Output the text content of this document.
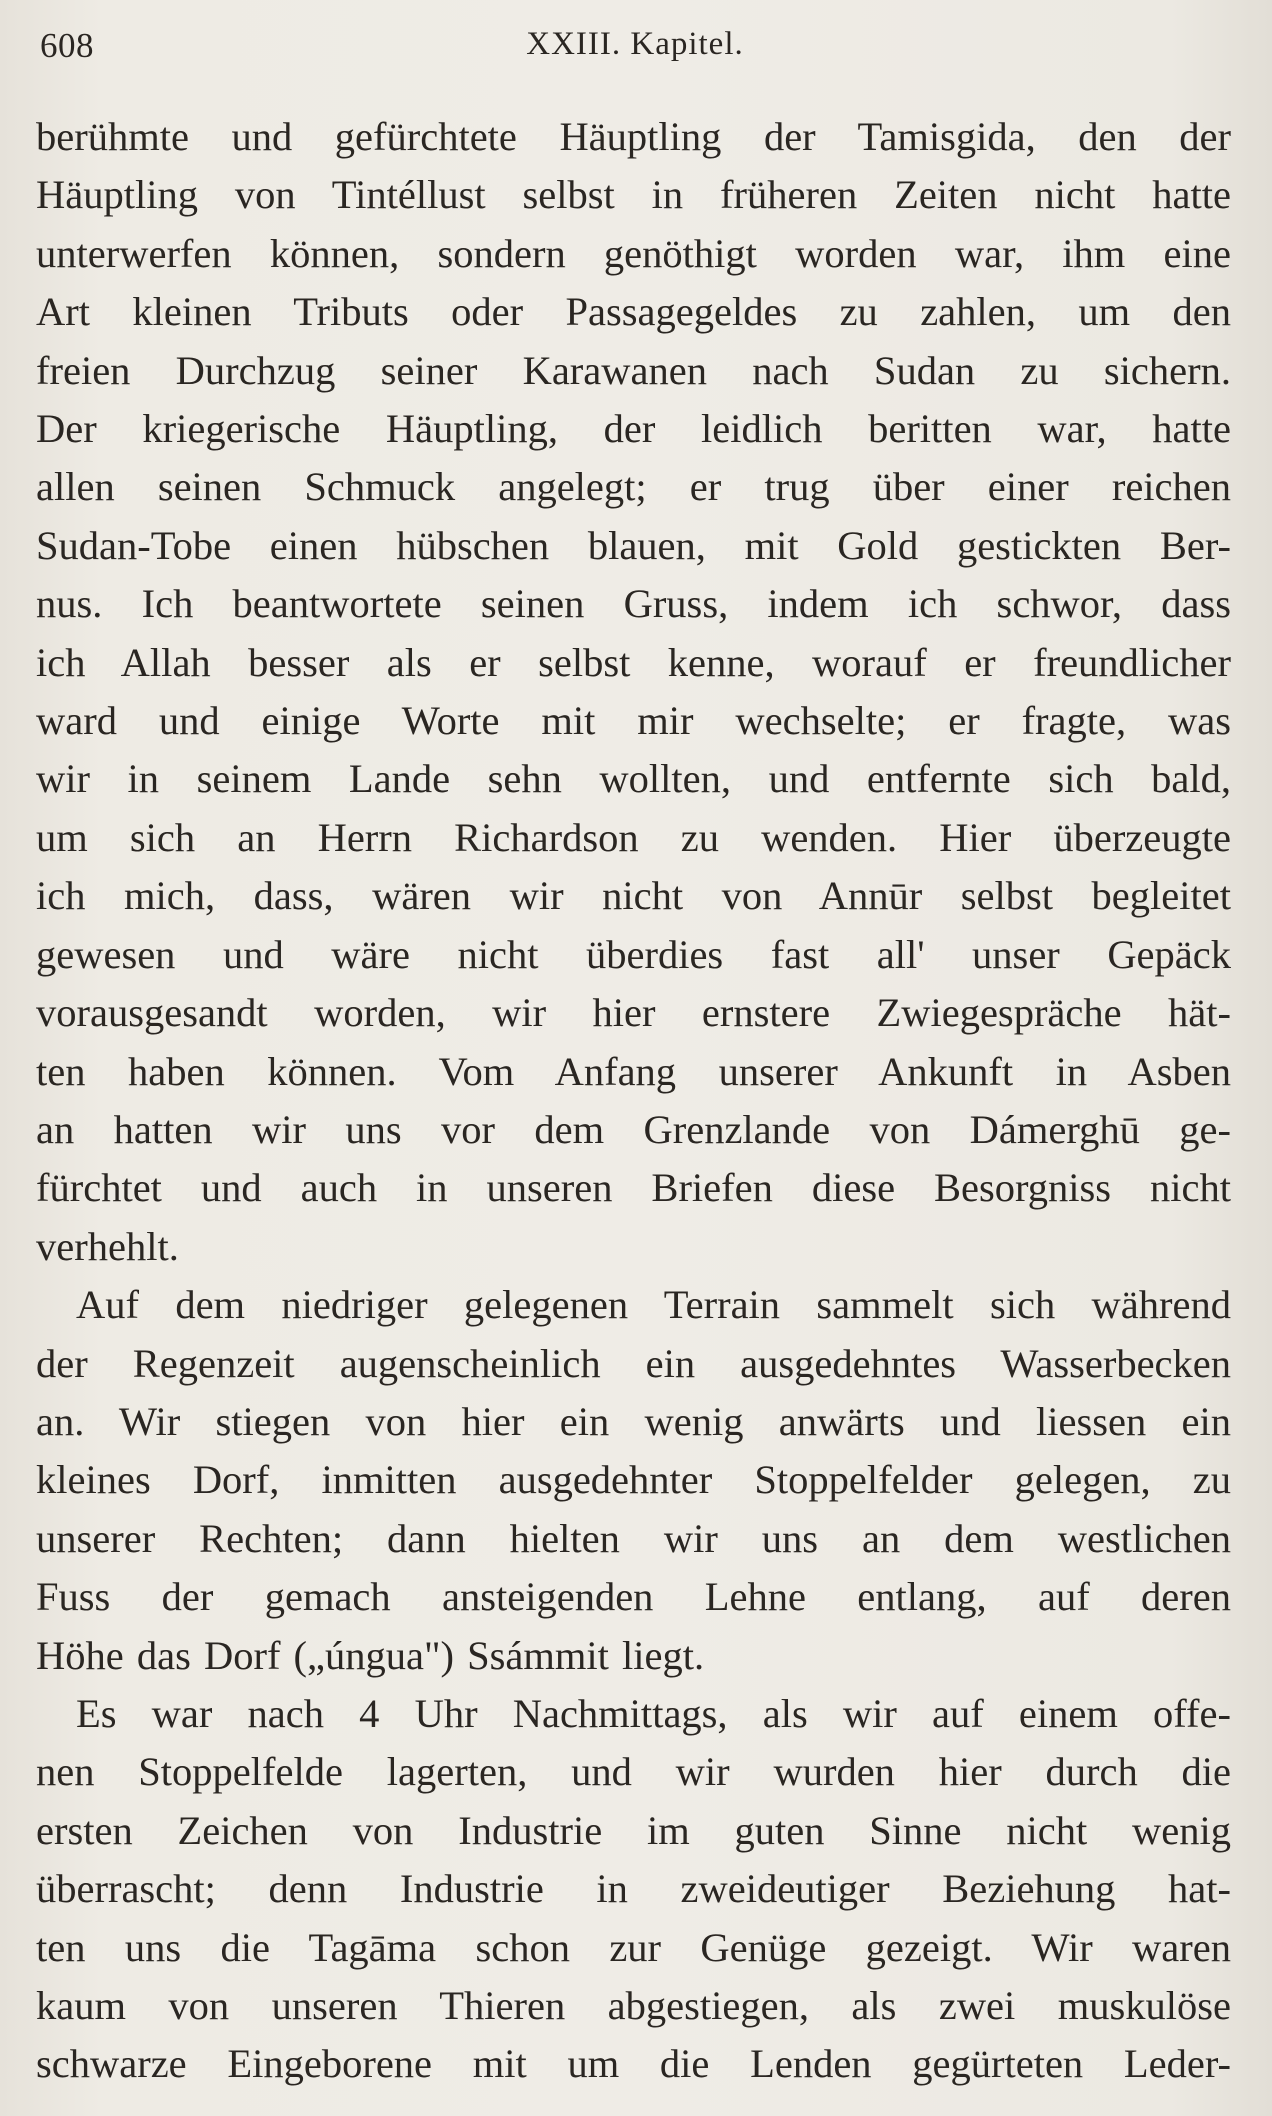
608	XXIII. Kapitel.

berühmte und gefürchtete Häuptling der Tamisgida, den der
Häuptling von Tintéllust selbst in früheren Zeiten nicht hatte
unterwerfen können, sondern genöthigt worden war, ihm eine
Art kleinen Tributs oder Passagegeldes zu zahlen, um den
freien Durchzug seiner Karawanen nach Sudan zu sichern.
Der kriegerische Häuptling, der leidlich beritten war, hatte
allen seinen Schmuck angelegt; er trug über einer reichen
Sudan-Tobe einen hübschen blauen, mit Gold gestickten Ber-
nus. Ich beantwortete seinen Gruss, indem ich schwor, dass
ich Allah besser als er selbst kenne, worauf er freundlicher
ward und einige Worte mit mir wechselte; er fragte, was
wir in seinem Lande sehn wollten, und entfernte sich bald,
um sich an Herrn Richardson zu wenden. Hier überzeugte
ich mich, dass, wären wir nicht von Annūr selbst begleitet
gewesen und wäre nicht überdies fast all' unser Gepäck
vorausgesandt worden, wir hier ernstere Zwiegespräche hät-
ten haben können. Vom Anfang unserer Ankunft in Asben
an hatten wir uns vor dem Grenzlande von Dámerghū ge-
fürchtet und auch in unseren Briefen diese Besorgniss nicht
verhehlt.

Auf dem niedriger gelegenen Terrain sammelt sich während
der Regenzeit augenscheinlich ein ausgedehntes Wasserbecken
an. Wir stiegen von hier ein wenig anwärts und liessen ein
kleines Dorf, inmitten ausgedehnter Stoppelfelder gelegen, zu
unserer Rechten; dann hielten wir uns an dem westlichen
Fuss der gemach ansteigenden Lehne entlang, auf deren
Höhe das Dorf („úngua") Ssámmit liegt.

Es war nach 4 Uhr Nachmittags, als wir auf einem offe-
nen Stoppelfelde lagerten, und wir wurden hier durch die
ersten Zeichen von Industrie im guten Sinne nicht wenig
überrascht; denn Industrie in zweideutiger Beziehung hat-
ten uns die Tagāma schon zur Genüge gezeigt. Wir waren
kaum von unseren Thieren abgestiegen, als zwei muskulöse
schwarze Eingeborene mit um die Lenden gegürteten Leder-
